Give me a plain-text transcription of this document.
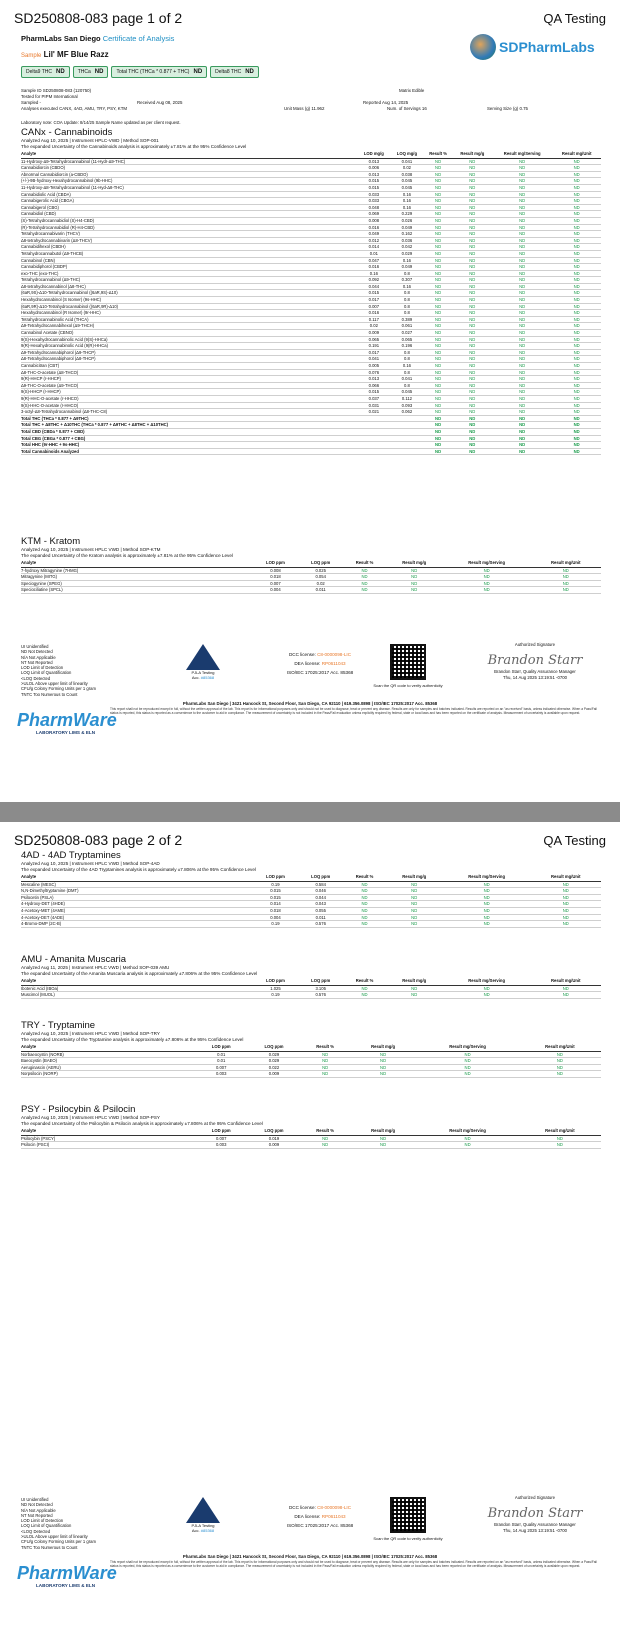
SD250808-083 page 1 of 2	QA Testing
PharmLabs San Diego Certificate of Analysis
Sample Lil' MF Blue Razz	SDPharmLabs
Delta9 THC ND	THCa ND	Total THC (THCa * 0.877 + THC) ND	Delta8 THC ND
Sample ID SD250808-083 (120750)	Matrix Edible
Tested for PIPM International
Sampled -	Received Aug 08, 2025	Reported Aug 14, 2025
Analyses executed CANX, 4AD, AMU, TRY, PSY, KTM	Unit Mass (g) 11.962	Num. of Servings 16	Serving Size (g) 0.75
Laboratory note: COA Update: 8/14/25 Sample Name updated as per client request.
CANx - Cannabinoids
Analyzed Aug 10, 2025 | Instrument HPLC-VWD | Method SOP-001
The expanded Uncertainty of the Cannabinoids analysis is approximately ±7.81% at the 95% Confidence Level
Analyte	LOD mg/g	LOQ mg/g	Result %	Result mg/g	Result mg/Serving	Result mg/Unit
11-Hydroxy-Δ9-Tetrahydrocannabinol (11-Hydr-Δ9-THC)	0.013	0.041	ND	ND	ND	ND
Cannabidiorcin (CBDO)	0.006	0.02	ND	ND	ND	ND
Abnormal Cannabidiorcin (a-CBDO)	0.013	0.038	ND	ND	ND	ND
(+/-)-9B-hydroxy-Hexahydrocannabinol (9b-HHC)	0.015	0.045	ND	ND	ND	ND
11-Hydroxy-Δ8-Tetrahydrocannabinol (11-Hyd-Δ8-THC)	0.015	0.045	ND	ND	ND	ND
Cannabidiolic Acid (CBDA)	0.033	0.16	ND	ND	ND	ND
Cannabigerolic Acid (CBGA)	0.033	0.16	ND	ND	ND	ND
Cannabigerol (CBG)	0.048	0.16	ND	ND	ND	ND
Cannabidiol (CBD)	0.069	0.229	ND	ND	ND	ND
(S)-Tetrahydrocannabidiol (S)-H4-CBD)	0.008	0.026	ND	ND	ND	ND
(R)-Tetrahydrocannabidiol (R)-H4-CBD)	0.016	0.049	ND	ND	ND	ND
Tetrahydrocannabivarin (THCV)	0.049	0.162	ND	ND	ND	ND
Δ8-tetrahydrocannabivarin (Δ8-THCV)	0.012	0.036	ND	ND	ND	ND
Cannabidihexol (CBDH)	0.014	0.042	ND	ND	ND	ND
Tetrahydrocannabutol (Δ9-THCB)	0.01	0.029	ND	ND	ND	ND
Cannabinol (CBN)	0.047	0.16	ND	ND	ND	ND
Cannabidiphorol (CBDP)	0.016	0.049	ND	ND	ND	ND
exo-THC (exo-THC)	0.16	0.8	ND	ND	ND	ND
Tetrahydrocannabinol (Δ9-THC)	0.092	0.307	ND	ND	ND	ND
Δ8-tetrahydrocannabinol (Δ8-THC)	0.044	0.16	ND	ND	ND	ND
(6aR,9S)-Δ10-Tetrahydrocannabinol ((6aR,9S)-Δ10)	0.015	0.8	ND	ND	ND	ND
Hexahydrocannabinol (S Isomer) (9s-HHC)	0.017	0.8	ND	ND	ND	ND
(6aR,9R)-Δ10-Tetrahydrocannabinol ((6aR,9R)-Δ10)	0.007	0.8	ND	ND	ND	ND
Hexahydrocannabinol (R Isomer) (9r-HHC)	0.016	0.8	ND	ND	ND	ND
Tetrahydrocannabinolic Acid (THCA)	0.117	0.389	ND	ND	ND	ND
Δ9-Tetrahydrocannabihexol (Δ9-THCH)	0.02	0.061	ND	ND	ND	ND
Cannabinol Acetate (CBNO)	0.009	0.027	ND	ND	ND	ND
9(S)-Hexahydrocannabinolic Acid (9(S)-HHCa)	0.065	0.065	ND	ND	ND	ND
9(R)-Hexahydrocannabinolic Acid (9(R)-HHCa)	0.191	0.196	ND	ND	ND	ND
Δ9-Tetrahydrocannabiphorol (Δ9-THCP)	0.017	0.8	ND	ND	ND	ND
Δ8-Tetrahydrocannabiphorol (Δ8-THCP)	0.041	0.8	ND	ND	ND	ND
Cannabicitran (CBT)	0.005	0.16	ND	ND	ND	ND
Δ8-THC-O-acetate (Δ8-THCO)	0.076	0.8	ND	ND	ND	ND
9(R)-HHCP (r-HHCP)	0.013	0.041	ND	ND	ND	ND
Δ9-THC-O-acetate (Δ9-THCO)	0.066	0.8	ND	ND	ND	ND
9(S)-HHCP (r-HHCP)	0.015	0.045	ND	ND	ND	ND
9(R)-HHC-O-acetate (r-HHCO)	0.037	0.112	ND	ND	ND	ND
9(S)-HHC-O-acetate (r-HHCO)	0.031	0.093	ND	ND	ND	ND
3-octyl-Δ8-Tetrahydrocannabinol (Δ8-THC-C8)	0.021	0.062	ND	ND	ND	ND
Total THC (THCa * 0.877 + Δ9THC)			ND	ND	ND	ND
Total THC + Δ8THC + Δ10THC (THCa * 0.877 + Δ9THC + Δ8THC + Δ10THC)			ND	ND	ND	ND
Total CBD (CBDa * 0.877 + CBD)			ND	ND	ND	ND
Total CBG (CBGa * 0.877 + CBG)			ND	ND	ND	ND
Total HHC (9r-HHC + 9s-HHC)			ND	ND	ND	ND
Total Cannabinoids Analyzed			ND	ND	ND	ND
KTM - Kratom
Analyzed Aug 10, 2025 | Instrument HPLC VWD | Method SOP-KTM
The expanded Uncertainty of the Kratom analysis is approximately ±7.81% at the 95% Confidence Level
Analyte	LOD ppm	LOQ ppm	Result %	Result mg/g	Result mg/Serving	Result mg/Unit
7-hydroxy Mitragynine (7HMG)	0.008	0.025	ND	ND	ND	ND
Mitragynine (MITG)	0.018	0.054	ND	ND	ND	ND
Speciogynine (SPEG)	0.007	0.02	ND	ND	ND	ND
Speciociliatine (SPCL)	0.004	0.011	ND	ND	ND	ND
UI Unidentified
ND Not Detected
N/A Not Applicable
NT Not Reported
LOD Limit of Detection
LOQ Limit of Quantification
<LOQ Detected
>ULOL Above upper limit of linearity
CFU/g Colony Forming Units per 1 gram
TNTC Too Numerous to Count
PJLA Testing
Acc. #85368
DCC license: C8-0000098-LIC
DEA license: RP0611043
ISO/IEC 17025:2017 Acc. 85368
Scan the QR code to verify authenticity
Authorized Signature
Brandon Starr
Brandon Starr, Quality Assurance Manager
Thu, 14 Aug 2025 13:19:51 -0700
PharmWare
LABORATORY LIMS & ELN
PharmLabs San Diego | 3421 Hancock St, Second Floor, San Diego, CA 92110 | 619.356.0898 | ISO/IEC 17025:2017 Acc. 85368
This report shall not be reproduced except in full, without the written approval of the lab. This report is for informational purposes only and should not be used to diagnose, treat or prevent any disease. Results are only for samples and batches indicated. Results are reported on an "as received" basis, unless indicated otherwise. When a Pass/Fail status is reported, this status is reported as a convenience to the customer to aid in compliance. The measurement of uncertainty is not included in the Pass/Fail evaluation unless explicitly required by federal, state or local laws and has been reported on the certificate of analysis. Measurement of uncertainty is available upon request.
SD250808-083 page 2 of 2	QA Testing
4AD - 4AD Tryptamines
Analyzed Aug 10, 2025 | Instrument HPLC VWD | Method SOP-4AD
The expanded Uncertainty of the 4AD Tryptamines analysis is approximately ±7.806% at the 95% Confidence Level
Analyte	LOD ppm	LOQ ppm	Result %	Result mg/g	Result mg/Serving	Result mg/Unit
Mescaline (MESC)	0.19	0.584	ND	ND	ND	ND
N,N-Dimethyltryptamine (DMT)	0.015	0.046	ND	ND	ND	ND
Psilocetin (PSLA)	0.015	0.044	ND	ND	ND	ND
4-Hydroxy-DET (4HDE)	0.014	0.043	ND	ND	ND	ND
4-Acetoxy-MET (4AME)	0.018	0.055	ND	ND	ND	ND
4-Acetoxy-DET (4ADE)	0.004	0.011	ND	ND	ND	ND
4-Bromo-DMP (2C-B)	0.19	0.576	ND	ND	ND	ND
AMU - Amanita Muscaria
Analyzed Aug 11, 2025 | Instrument HPLC VWD | Method SOP-039 AMU
The expanded Uncertainty of the Amanita Muscaria analysis is approximately ±7.806% at the 95% Confidence Level
Analyte	LOD ppm	LOQ ppm	Result %	Result mg/g	Result mg/Serving	Result mg/Unit
Ibotenic Acid (IBOa)	1.025	3.105	ND	ND	ND	ND
Muscimol (MUOL)	0.19	0.576	ND	ND	ND	ND
TRY - Tryptamine
Analyzed Aug 10, 2025 | Instrument HPLC VWD | Method SOP-TRY
The expanded Uncertainty of the Tryptamine analysis is approximately ±7.806% at the 95% Confidence Level
Analyte	LOD ppm	LOQ ppm	Result %	Result mg/g	Result mg/Serving	Result mg/Unit
Norbaeocystin (NORB)	0.01	0.029	ND	ND	ND	ND
Baeocystin (BAEO)	0.01	0.029	ND	ND	ND	ND
Aeruginascin (AERU)	0.007	0.022	ND	ND	ND	ND
Norpsilocin (NORP)	0.003	0.009	ND	ND	ND	ND
PSY - Psilocybin & Psilocin
Analyzed Aug 10, 2025 | Instrument HPLC VWD | Method SOP-PSY
The expanded Uncertainty of the Psilocybin & Psilocin analysis is approximately ±7.806% at the 95% Confidence Level
Analyte	LOD ppm	LOQ ppm	Result %	Result mg/g	Result mg/Serving	Result mg/Unit
Psilocybin (PSCY)	0.007	0.019	ND	ND	ND	ND
Psilocin (PSCI)	0.003	0.009	ND	ND	ND	ND
UI Unidentified
ND Not Detected
N/A Not Applicable
NT Not Reported
LOD Limit of Detection
LOQ Limit of Quantification
<LOQ Detected
>ULOL Above upper limit of linearity
CFU/g Colony Forming Units per 1 gram
TNTC Too Numerous to Count
PJLA Testing
Acc. #85368
DCC license: C8-0000098-LIC
DEA license: RP0611043
ISO/IEC 17025:2017 Acc. 85368
Scan the QR code to verify authenticity
Authorized Signature
Brandon Starr
Brandon Starr, Quality Assurance Manager
Thu, 14 Aug 2025 13:19:51 -0700
PharmWare
LABORATORY LIMS & ELN
PharmLabs San Diego | 3421 Hancock St, Second Floor, San Diego, CA 92110 | 619.356.0898 | ISO/IEC 17025:2017 Acc. 85368
This report shall not be reproduced except in full, without the written approval of the lab. This report is for informational purposes only and should not be used to diagnose, treat or prevent any disease. Results are only for samples and batches indicated. Results are reported on an "as received" basis, unless indicated otherwise. When a Pass/Fail status is reported, this status is reported as a convenience to the customer to aid in compliance. The measurement of uncertainty is not included in the Pass/Fail evaluation unless explicitly required by federal, state or local laws and has been reported on the certificate of analysis. Measurement of uncertainty is available upon request.
